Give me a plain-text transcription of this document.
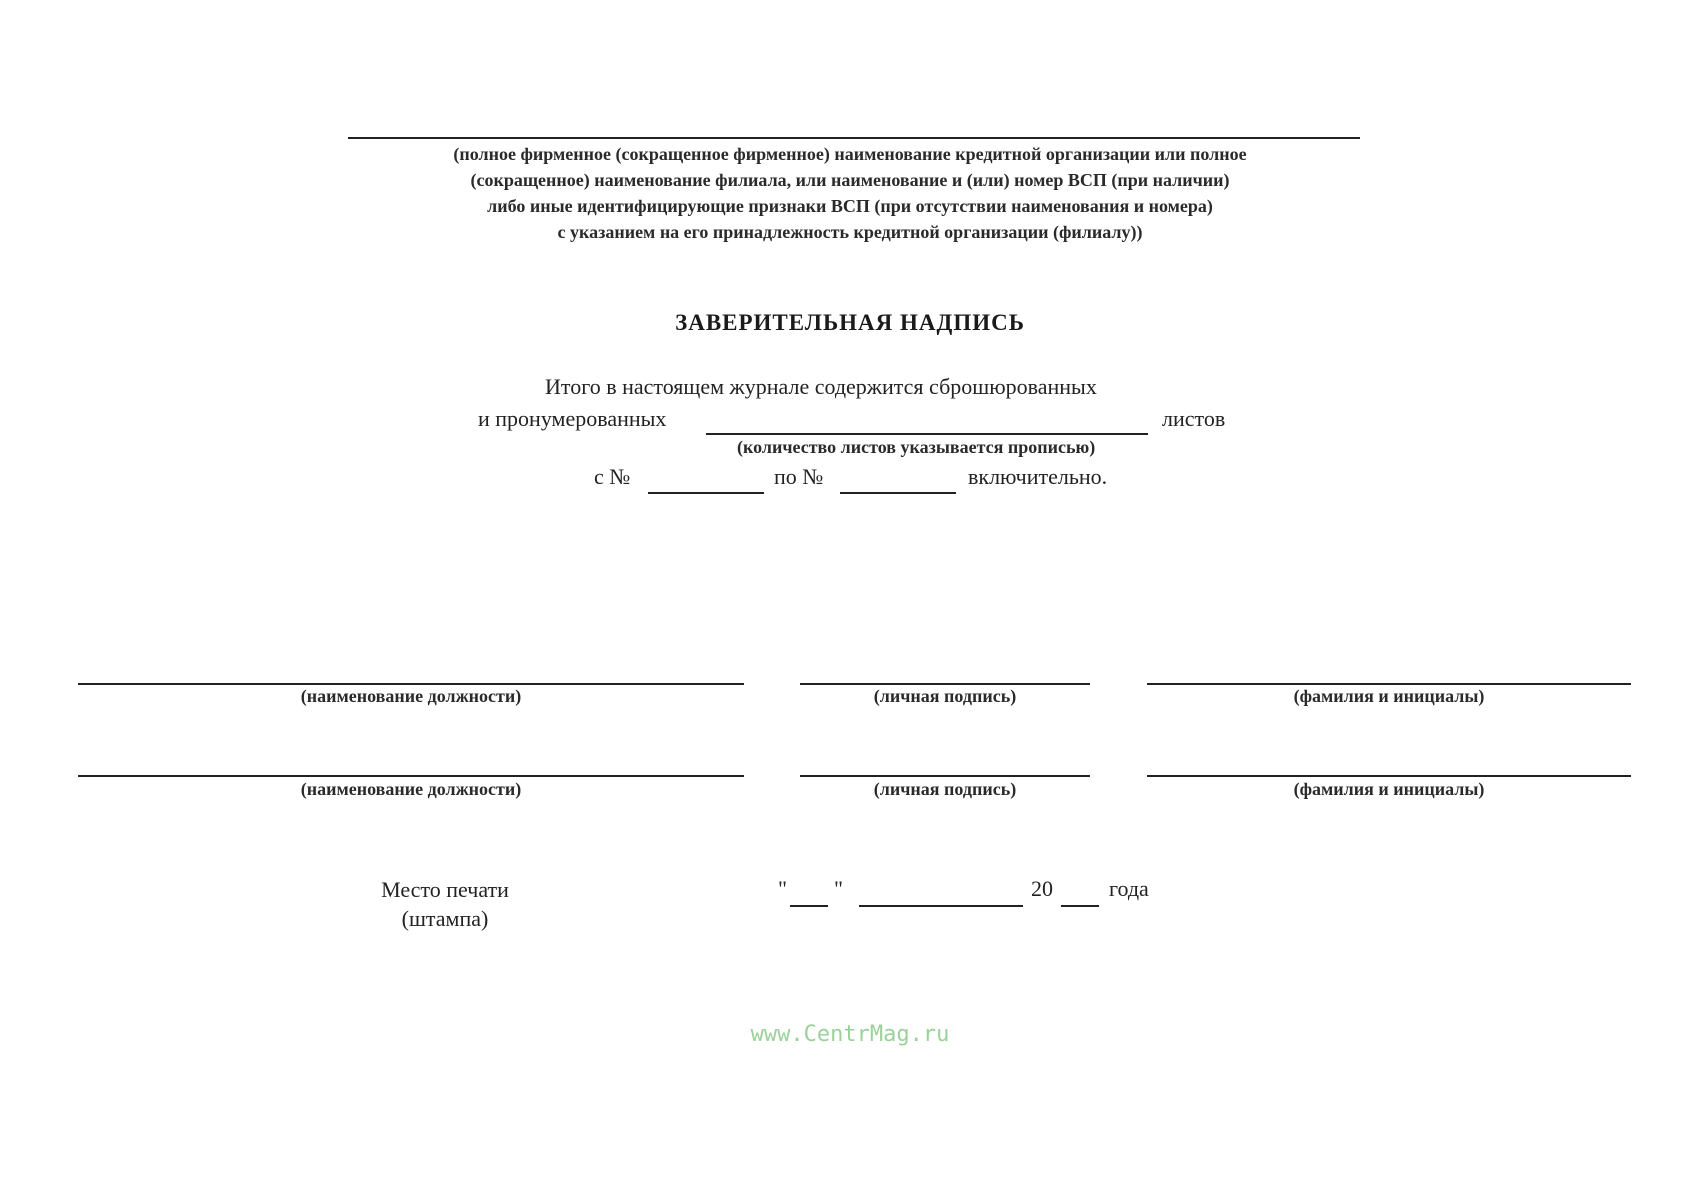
(полное фирменное (сокращенное фирменное) наименование кредитной организации или полное
(сокращенное) наименование филиала, или наименование и (или) номер ВСП (при наличии)
либо иные идентифицирующие признаки ВСП (при отсутствии наименования и номера)
с указанием на его принадлежность кредитной организации (филиалу))
ЗАВЕРИТЕЛЬНАЯ НАДПИСЬ
Итого в настоящем журнале содержится сброшюрованных
и пронумерованных	листов
(количество листов указывается прописью)
с №	по №	включительно.
(наименование должности)	(личная подпись)	(фамилия и инициалы)
(наименование должности)	(личная подпись)	(фамилия и инициалы)
Место печати
(штампа)
" "	20	года
www.CentrMag.ru
